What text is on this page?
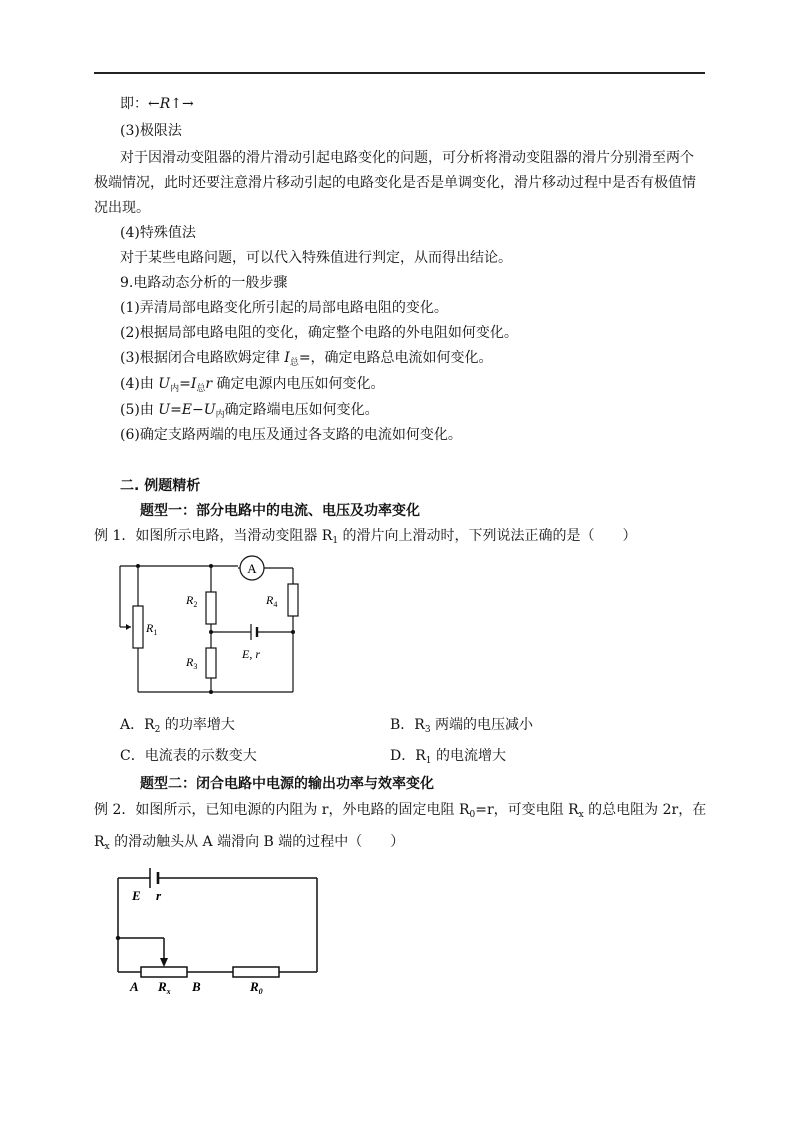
即：←R↑→
(3)极限法
对于因滑动变阻器的滑片滑动引起电路变化的问题，可分析将滑动变阻器的滑片分别滑至两个
极端情况，此时还要注意滑片移动引起的电路变化是否是单调变化，滑片移动过程中是否有极值情
况出现。
(4)特殊值法
对于某些电路问题，可以代入特殊值进行判定，从而得出结论。
9.电路动态分析的一般步骤
(1)弄清局部电路变化所引起的局部电路电阻的变化。
(2)根据局部电路电阻的变化，确定整个电路的外电阻如何变化。
(3)根据闭合电路欧姆定律 $I_总=$，确定电路总电流如何变化。
(4)由 $U_内=I_总r$ 确定电源内电压如何变化。
(5)由 $U=E-U_内$确定路端电压如何变化。
(6)确定支路两端的电压及通过各支路的电流如何变化。
二. 例题精析
题型一：部分电路中的电流、电压及功率变化
例 1．如图所示电路，当滑动变阻器 $R_1$ 的滑片向上滑动时，下列说法正确的是（　　）
A
$R_1$
$R_2$
$R_3$
$R_4$
E, r
A．$R_2$ 的功率增大	B．$R_3$ 两端的电压减小
C．电流表的示数变大	D．$R_1$ 的电流增大
题型二：闭合电路中电源的输出功率与效率变化
例 2．如图所示，已知电源的内阻为 r，外电路的固定电阻 $R_0=r$，可变电阻 $R_x$ 的总电阻为 2r，在
$R_x$ 的滑动触头从 A 端滑向 B 端的过程中（　　）
E r
A $R_x$ B	$R_0$
